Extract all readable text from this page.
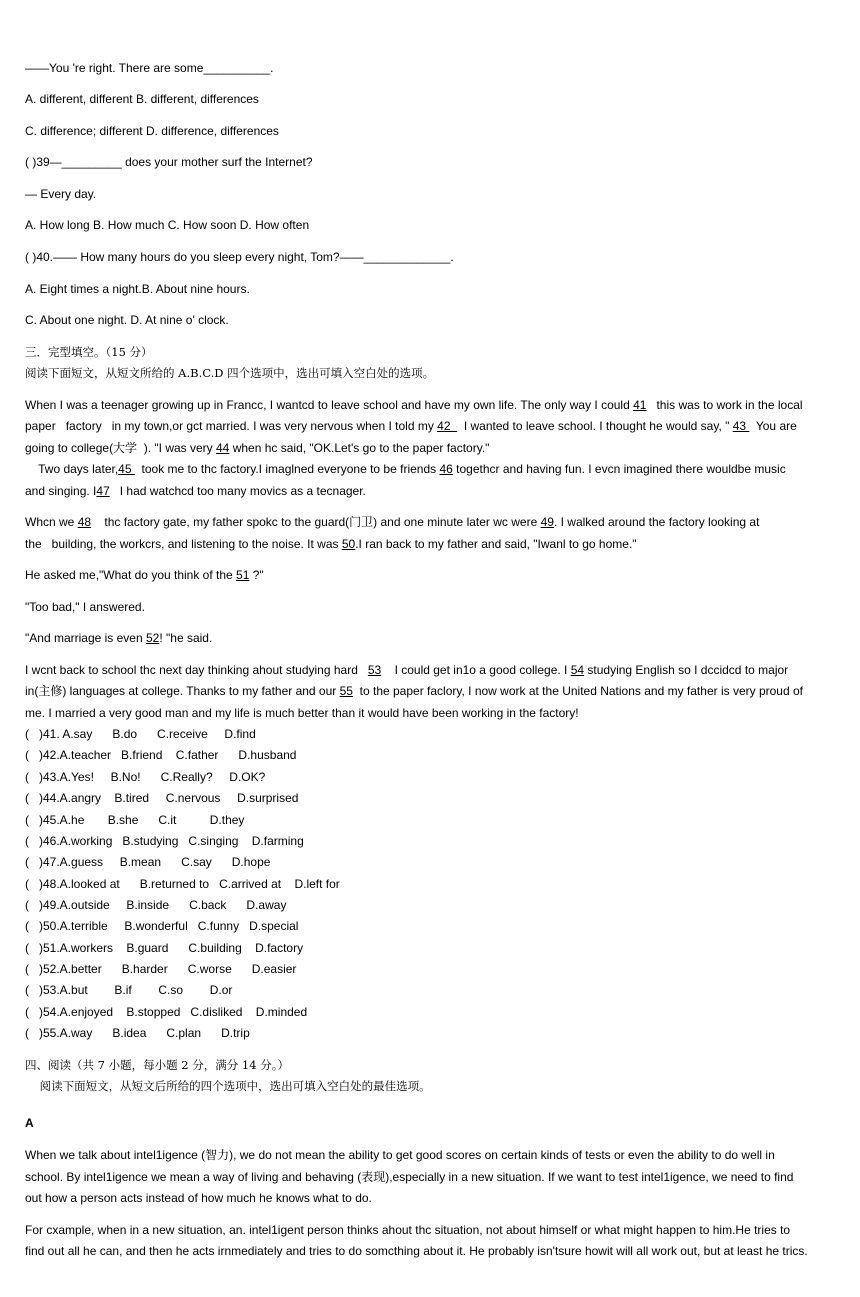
——You 're right. There are some__________.
A. different, different B. different, differences
C. difference; different D. difference, differences
( )39—_________ does your mother surf the Internet?
— Every day.
A. How long B. How much C. How soon D. How often
( )40.—— How many hours do you sleep every night, Tom?——_____________.
A. Eight times a night.B. About nine hours.
C. About one night. D. At nine o' clock.
三．完型填空。（15 分）
阅读下面短文，从短文所给的 A.B.C.D 四个选项中，选出可填入空白处的选项。
When I was a teenager growing up in Francc, I wantcd to leave school and have my own life. The only way I could 41   this was to work in the local
paper   factory   in my town,or gct married. I was very nervous when I told my 42    I wanted to leave school. I thought he would say, " 43   You are
going to college(大学  ). "I was very 44 when hc said, "OK.Let's go to the paper factory."
Two days later,45   took me to thc factory.I imaglned everyone to be friends 46 togethcr and having fun. I evcn imagined there wouldbe music
and singing. I47   I had watchcd too many movics as a tecnager.
Whcn we 48    thc factory gate, my father spokc to the guard(门卫) and one minute later wc were 49. I walked around the factory looking at
the   building, the workcrs, and listening to the noise. It was 50.I ran back to my father and said, "Iwanl to go home."
He asked me,"What do you think of the 51 ?"
"Too bad," I answered.
"And marriage is even 52! "he said.
I wcnt back to school thc next day thinking ahout studying hard   53    I could get in1o a good college. I 54 studying English so I dccidcd to major
in(主修) languages at college. Thanks to my father and our 55  to the paper faclory, I now work at the United Nations and my father is very proud of
me. I married a very good man and my life is much better than it would have been working in the factory!
(   )41. A.say      B.do      C.receive     D.find
(   )42.A.teacher   B.friend    C.father      D.husband
(   )43.A.Yes!     B.No!      C.Really?     D.OK?
(   )44.A.angry    B.tired     C.nervous     D.surprised
(   )45.A.he       B.she      C.it          D.they
(   )46.A.working   B.studying   C.singing    D.farming
(   )47.A.guess     B.mean      C.say      D.hope
(   )48.A.looked at      B.returned to   C.arrived at    D.left for
(   )49.A.outside     B.inside      C.back      D.away
(   )50.A.terrible     B.wonderful   C.funny   D.special
(   )51.A.workers    B.guard      C.building    D.factory
(   )52.A.better      B.harder      C.worse      D.easier
(   )53.A.but        B.if        C.so        D.or
(   )54.A.enjoyed    B.stopped   C.disliked    D.minded
(   )55.A.way      B.idea      C.plan      D.trip
四、阅读（共 7 小题，每小题 2 分，满分 14 分。）
阅读下面短文，从短文后所给的四个选项中，选出可填入空白处的最佳选项。
A
When we talk about intel1igence (智力), we do not mean the ability to get good scores on certain kinds of tests or even the ability to do well in
school. By intel1igence we mean a way of living and behaving (表现),especially in a new situation. If we want to test intel1igence, we need to find
out how a person acts instead of how much he knows what to do.
For cxample, when in a new situation, an. intel1igent person thinks ahout thc situation, not about himself or what might happen to him.He tries to
find out all he can, and then he acts irnmediately and tries to do somcthing about it. He probably isn'tsure howit will all work out, but at least he trics.
